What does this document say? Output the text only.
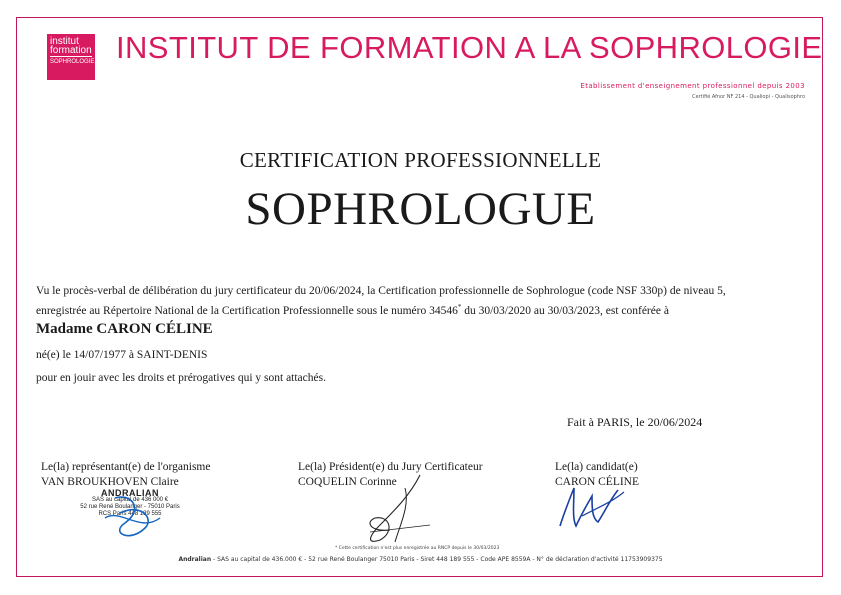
institut
formation
SOPHROLOGIE INSTITUT DE FORMATION A LA SOPHROLOGIE
Etablissement d'enseignement professionnel depuis 2003
Certifié Afnor NF 214 - Qualiopi - Qualisophro
CERTIFICATION PROFESSIONNELLE
SOPHROLOGUE
Vu le procès-verbal de délibération du jury certificateur du 20/06/2024, la Certification professionnelle de Sophrologue (code NSF 330p) de niveau 5,
enregistrée au Répertoire National de la Certification Professionnelle sous le numéro 34546* du 30/03/2020 au 30/03/2023, est conférée à
Madame CARON CÉLINE
né(e) le 14/07/1977 à SAINT-DENIS
pour en jouir avec les droits et prérogatives qui y sont attachés.
Fait à PARIS, le 20/06/2024
Le(la) représentant(e) de l'organisme
VAN BROUKHOVEN Claire
Le(la) Président(e) du Jury Certificateur
COQUELIN Corinne
Le(la) candidat(e)
CARON CÉLINE
ANDRALIAN
SAS au capital de 436 000 €
52 rue René Boulanger - 75010 Paris
RCS Paris 448 189 555
* Cette certification n'est plus enregistrée au RNCP depuis le 30/03/2023
Andralian - SAS au capital de 436.000 € - 52 rue René Boulanger 75010 Paris - Siret 448 189 555 - Code APE 8559A - N° de déclaration d'activité 11753909375
